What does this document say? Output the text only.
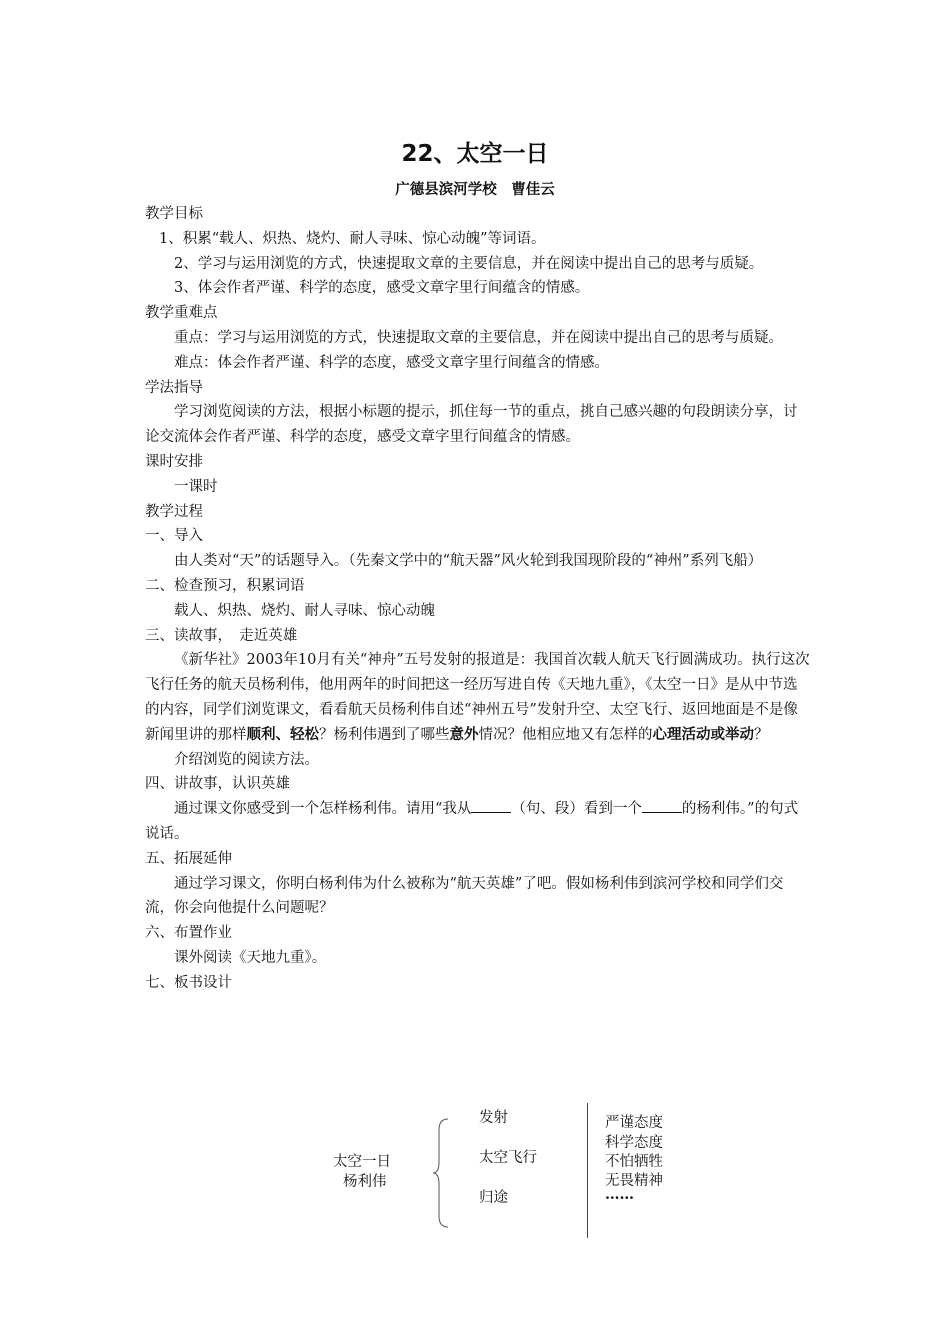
22、太空一日
广德县滨河学校　曹佳云

教学目标

1、积累“载人、炽热、烧灼、耐人寻味、惊心动魄”等词语。

2、学习与运用浏览的方式，快速提取文章的主要信息，并在阅读中提出自己的思考与质疑。

3、体会作者严谨、科学的态度，感受文章字里行间蕴含的情感。

教学重难点

重点：学习与运用浏览的方式，快速提取文章的主要信息，并在阅读中提出自己的思考与质疑。

难点：体会作者严谨、科学的态度，感受文章字里行间蕴含的情感。

学法指导

学习浏览阅读的方法，根据小标题的提示，抓住每一节的重点，挑自己感兴趣的句段朗读分享，讨论交流体会作者严谨、科学的态度，感受文章字里行间蕴含的情感。

课时安排

一课时

教学过程

一、导入

由人类对“天”的话题导入。（先秦文学中的“航天器”风火轮到我国现阶段的“神州”系列飞船）

二、检查预习，积累词语

载人、炽热、烧灼、耐人寻味、惊心动魄

三、读故事，　走近英雄

《新华社》2003年10月有关“神舟”五号发射的报道是：我国首次载人航天飞行圆满成功。执行这次飞行任务的航天员杨利伟，他用两年的时间把这一经历写进自传《天地九重》，《太空一日》是从中节选的内容，同学们浏览课文，看看航天员杨利伟自述“神州五号”发射升空、太空飞行、返回地面是不是像新闻里讲的那样顺利、轻松？杨利伟遇到了哪些意外情况？他相应地又有怎样的心理活动或举动？

介绍浏览的阅读方法。

四、讲故事，认识英雄

通过课文你感受到一个怎样杨利伟。请用“我从	（句、段）看到一个	的杨利伟。”的句式说话。

五、拓展延伸

通过学习课文，你明白杨利伟为什么被称为“航天英雄”了吧。假如杨利伟到滨河学校和同学们交流，你会向他提什么问题呢？

六、布置作业

课外阅读《天地九重》。

七、板书设计

太空一日
杨利伟
发射
太空飞行
归途
严谨态度
科学态度
不怕牺牲
无畏精神
……
